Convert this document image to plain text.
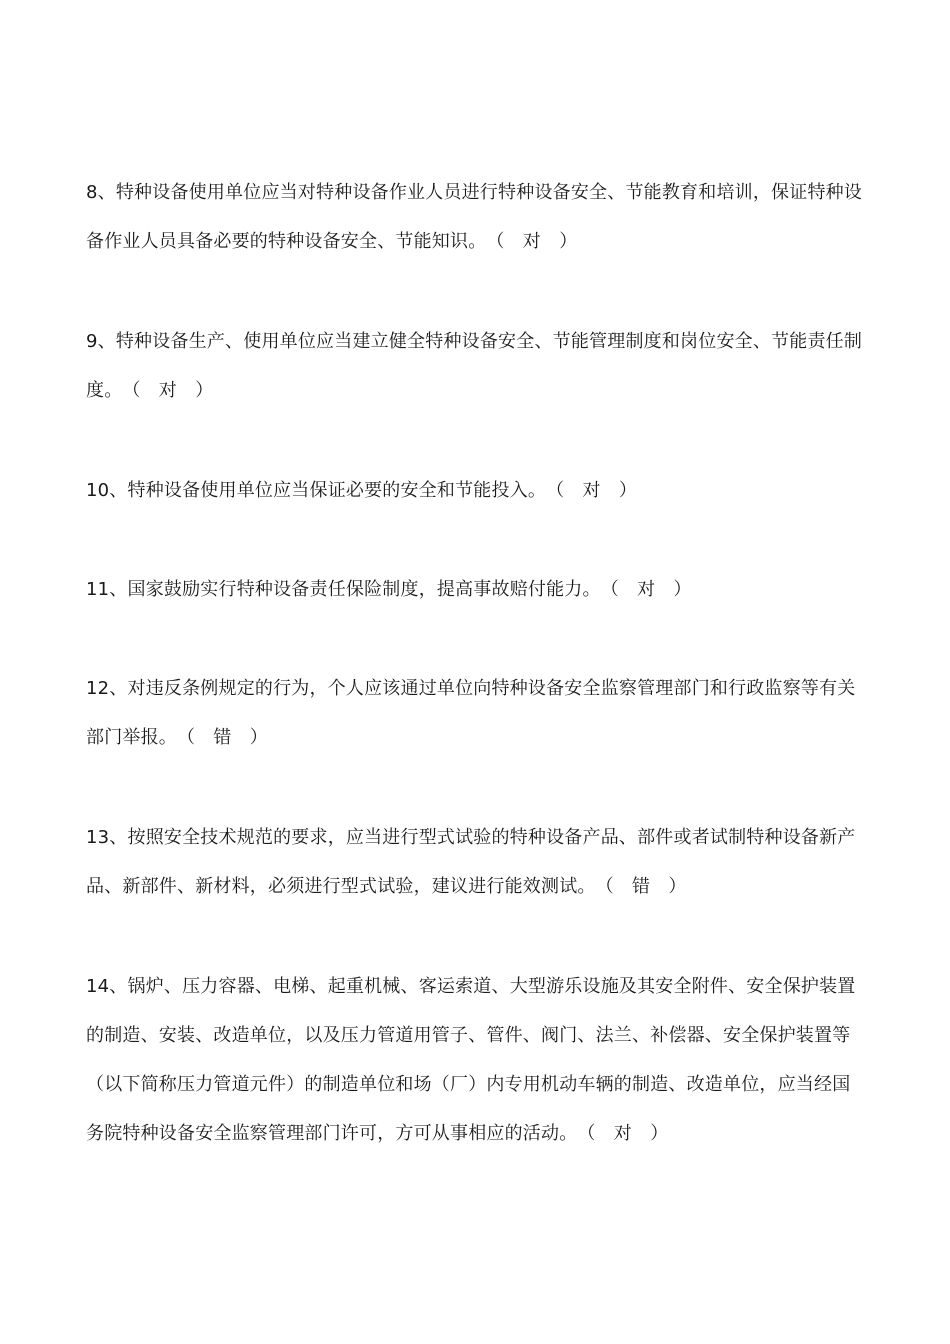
8、特种设备使用单位应当对特种设备作业人员进行特种设备安全、节能教育和培训，保证特种设备作业人员具备必要的特种设备安全、节能知识。（　对　）

9、特种设备生产、使用单位应当建立健全特种设备安全、节能管理制度和岗位安全、节能责任制度。（　对　）

10、特种设备使用单位应当保证必要的安全和节能投入。（　对　）

11、国家鼓励实行特种设备责任保险制度，提高事故赔付能力。（　对　）

12、对违反条例规定的行为，个人应该通过单位向特种设备安全监察管理部门和行政监察等有关部门举报。（　错　）

13、按照安全技术规范的要求，应当进行型式试验的特种设备产品、部件或者试制特种设备新产品、新部件、新材料，必须进行型式试验，建议进行能效测试。（　错　）

14、锅炉、压力容器、电梯、起重机械、客运索道、大型游乐设施及其安全附件、安全保护装置的制造、安装、改造单位，以及压力管道用管子、管件、阀门、法兰、补偿器、安全保护装置等（以下简称压力管道元件）的制造单位和场（厂）内专用机动车辆的制造、改造单位，应当经国务院特种设备安全监察管理部门许可，方可从事相应的活动。（　对　）
